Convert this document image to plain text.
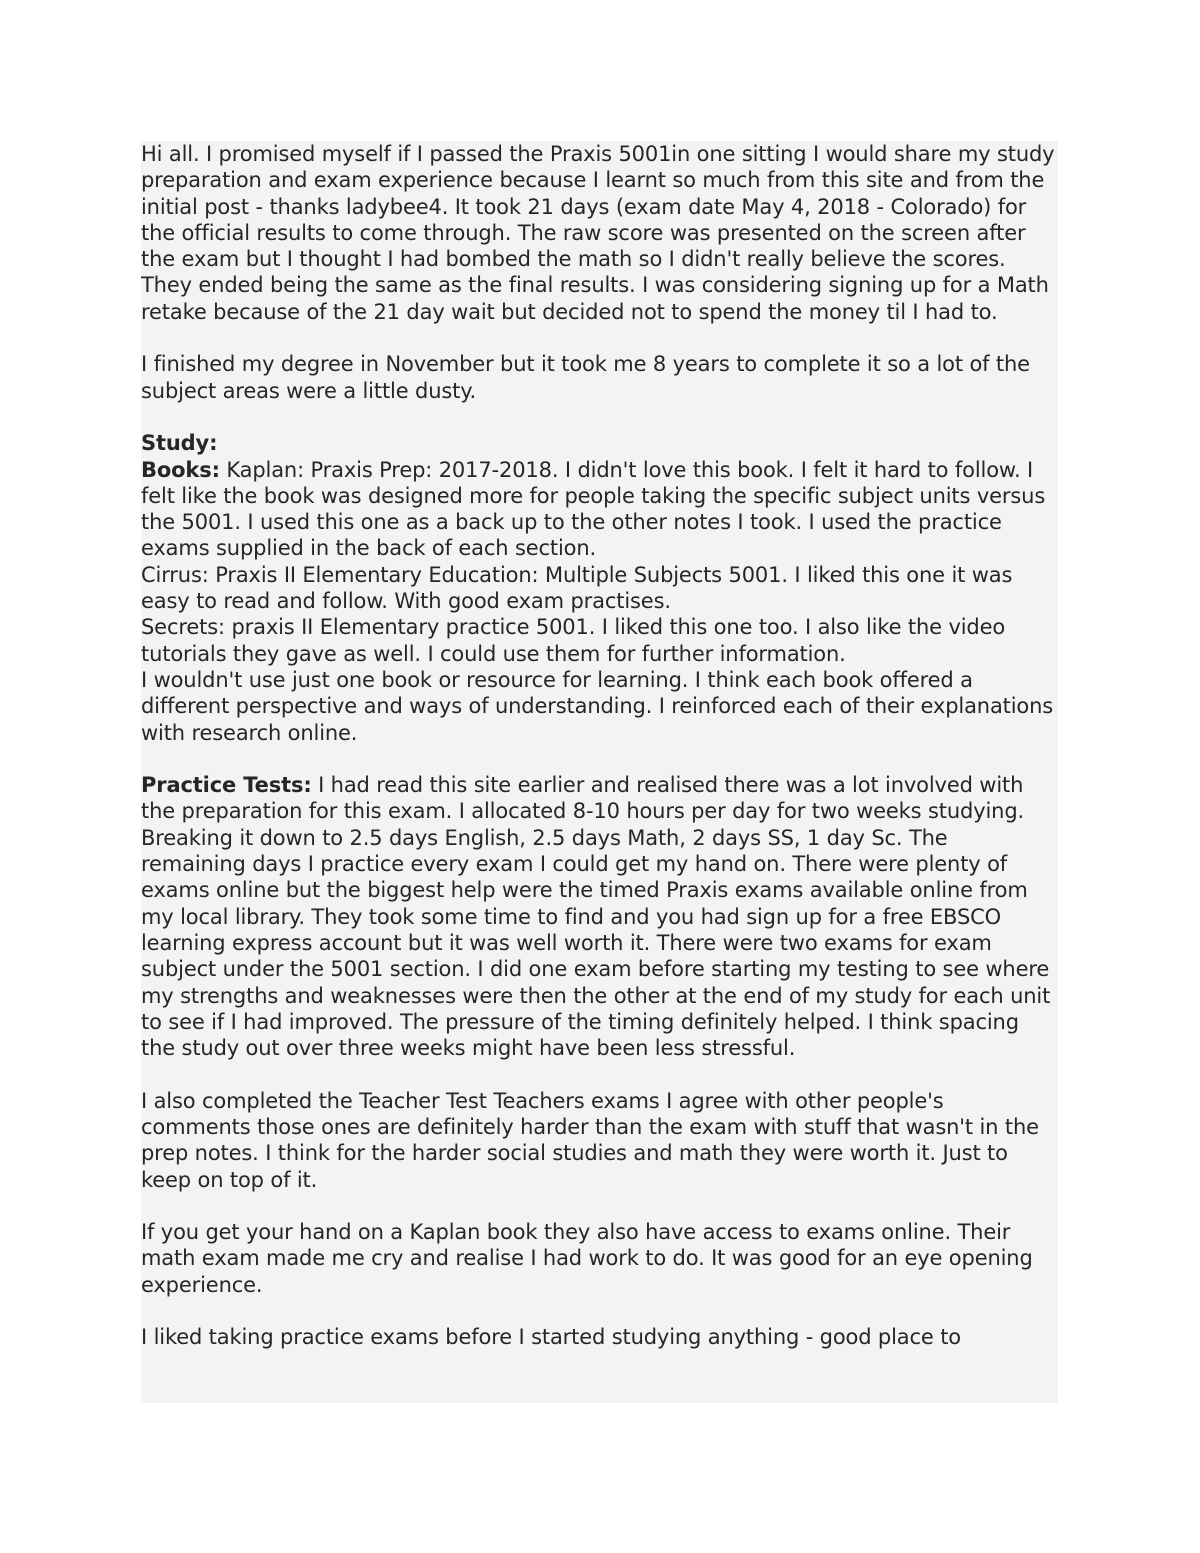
Hi all. I promised myself if I passed the Praxis 5001in one sitting I would share my study preparation and exam experience because I learnt so much from this site and from the initial post - thanks ladybee4. It took 21 days (exam date May 4, 2018 - Colorado) for the official results to come through. The raw score was presented on the screen after the exam but I thought I had bombed the math so I didn't really believe the scores. They ended being the same as the final results. I was considering signing up for a Math retake because of the 21 day wait but decided not to spend the money til I had to.

I finished my degree in November but it took me 8 years to complete it so a lot of the subject areas were a little dusty.

Study:

Books: Kaplan: Praxis Prep: 2017-2018. I didn't love this book. I felt it hard to follow. I felt like the book was designed more for people taking the specific subject units versus the 5001. I used this one as a back up to the other notes I took. I used the practice exams supplied in the back of each section.

Cirrus: Praxis II Elementary Education: Multiple Subjects 5001. I liked this one it was easy to read and follow. With good exam practises.

Secrets: praxis II Elementary practice 5001. I liked this one too. I also like the video tutorials they gave as well. I could use them for further information.

I wouldn't use just one book or resource for learning. I think each book offered a different perspective and ways of understanding. I reinforced each of their explanations with research online.

Practice Tests: I had read this site earlier and realised there was a lot involved with the preparation for this exam. I allocated 8-10 hours per day for two weeks studying. Breaking it down to 2.5 days English, 2.5 days Math, 2 days SS, 1 day Sc. The remaining days I practice every exam I could get my hand on. There were plenty of exams online but the biggest help were the timed Praxis exams available online from my local library. They took some time to find and you had sign up for a free EBSCO learning express account but it was well worth it. There were two exams for exam subject under the 5001 section. I did one exam before starting my testing to see where my strengths and weaknesses were then the other at the end of my study for each unit to see if I had improved. The pressure of the timing definitely helped. I think spacing the study out over three weeks might have been less stressful.

I also completed the Teacher Test Teachers exams I agree with other people's comments those ones are definitely harder than the exam with stuff that wasn't in the prep notes. I think for the harder social studies and math they were worth it. Just to keep on top of it.

If you get your hand on a Kaplan book they also have access to exams online. Their math exam made me cry and realise I had work to do. It was good for an eye opening experience.

I liked taking practice exams before I started studying anything - good place to
